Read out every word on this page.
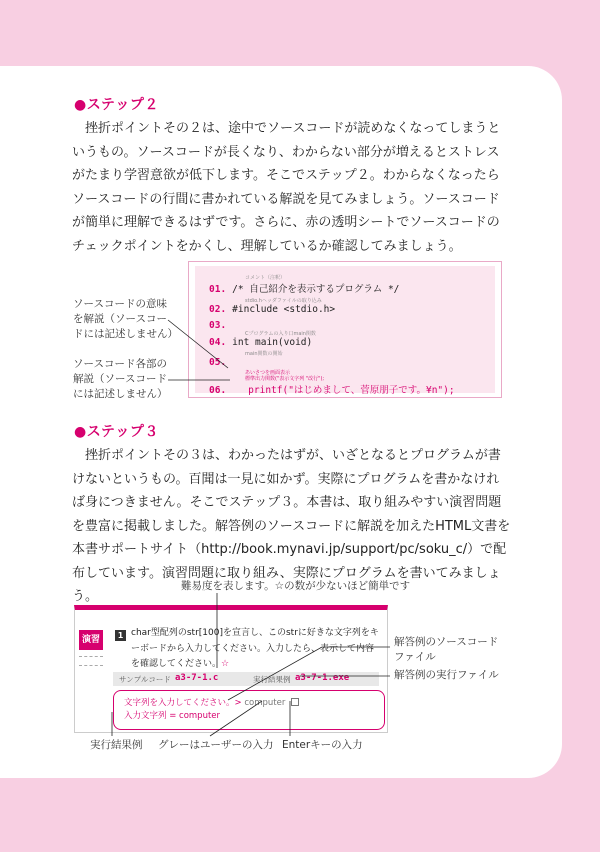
●ステップ２
挫折ポイントその２は、途中でソースコードが読めなくなってしまうというもの。ソースコードが長くなり、わからない部分が増えるとストレスがたまり学習意欲が低下します。そこでステップ２。わからなくなったらソースコードの行間に書かれている解説を見てみましょう。ソースコードが簡単に理解できるはずです。さらに、赤の透明シートでソースコードのチェックポイントをかくし、理解しているか確認してみましょう。
コメント（注釈）
01. /* 自己紹介を表示するプログラム */
stdio.hヘッダファイルの取り込み
02. #include <stdio.h>
03.
Cプログラムの入り口main関数
04. int main(void)
main関数の開始
05.
あいさつを画面表示
標準出力関数("表示文字列 "改行");
06. printf("はじめまして、菅原朋子です。¥n");
ソースコードの意味を解説（ソースコードには記述しません）
ソースコード各部の解説（ソースコードには記述しません）
●ステップ３
挫折ポイントその３は、わかったはずが、いざとなるとプログラムが書けないというもの。百聞は一見に如かず。実際にプログラムを書かなければ身につきません。そこでステップ３。本書は、取り組みやすい演習問題を豊富に掲載しました。解答例のソースコードに解説を加えたHTML文書を本書サポートサイト（http://book.mynavi.jp/support/pc/soku_c/）で配布しています。演習問題に取り組み、実際にプログラムを書いてみましょう。
難易度を表します。☆の数が少ないほど簡単です
演習	1 char型配列のstr[100]を宣言し、このstrに好きな文字列をキーボードから入力してください。入力したら、表示して内容を確認してください。☆
サンプルコード a3-7-1.c	実行結果例 a3-7-1.exe
文字列を入力してください。> computer
入力文字列 = computer
解答例のソースコードファイル
解答例の実行ファイル
実行結果例 グレーはユーザーの入力 Enterキーの入力
